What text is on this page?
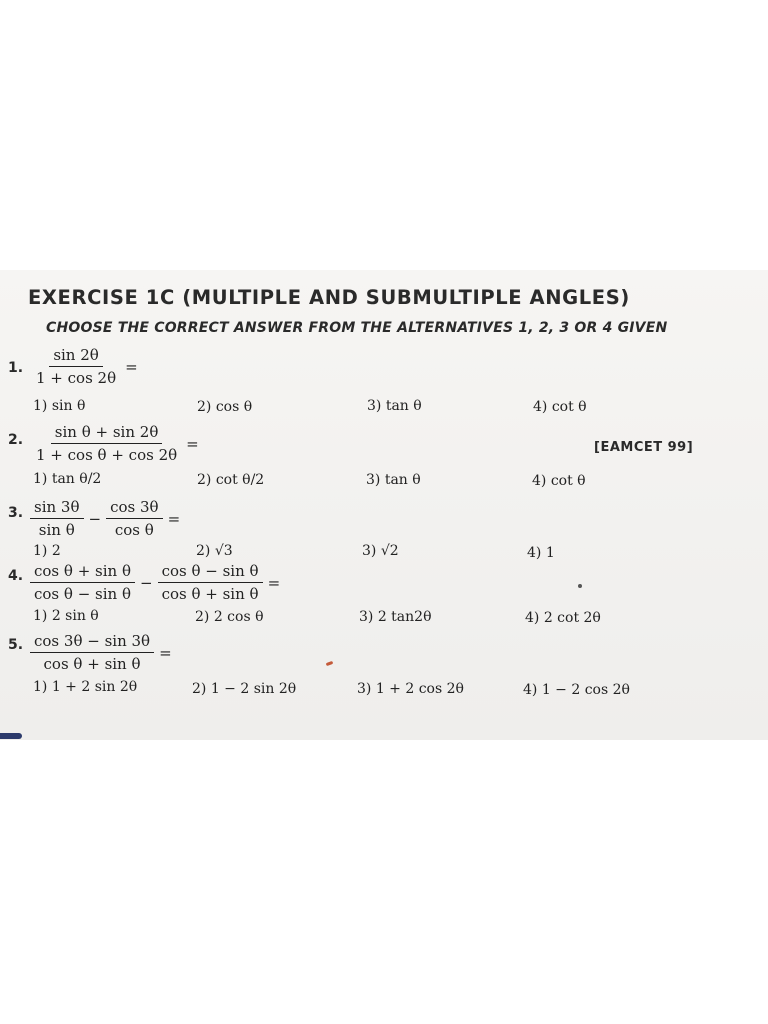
EXERCISE 1C (MULTIPLE AND SUBMULTIPLE ANGLES)
CHOOSE THE CORRECT ANSWER FROM THE ALTERNATIVES 1, 2, 3 OR 4 GIVEN
1. $\frac{\sin 2\theta}{1 + \cos 2\theta}$ =
1) sin θ	2) cos θ	3) tan θ	4) cot θ
2. $\frac{\text{sin θ + sin 2θ}}{\text{1 + cos θ + cos 2θ}}$ =	[EAMCET 99]
1) tan θ/2	2) cot θ/2	3) tan θ	4) cot θ
3. $\frac{\sin 3\theta}{\text{sin θ}} - \frac{\cos 3\theta}{\text{cos θ}}$ =
1) 2	2) √3	3) √2	4) 1
4. $\frac{\text{cos θ + sin θ}}{\text{cos θ − sin θ}} - \frac{\text{cos θ − sin θ}}{\text{cos θ + sin θ}}$ =
1) 2 sin θ	2) 2 cos θ	3) 2 tan2θ	4) 2 cot 2θ
5. $\frac{\cos 3\theta - \sin 3\theta}{\text{cos θ + sin θ}}$ =
1) 1 + 2 sin 2θ	2) 1 − 2 sin 2θ	3) 1 + 2 cos 2θ	4) 1 − 2 cos 2θ
